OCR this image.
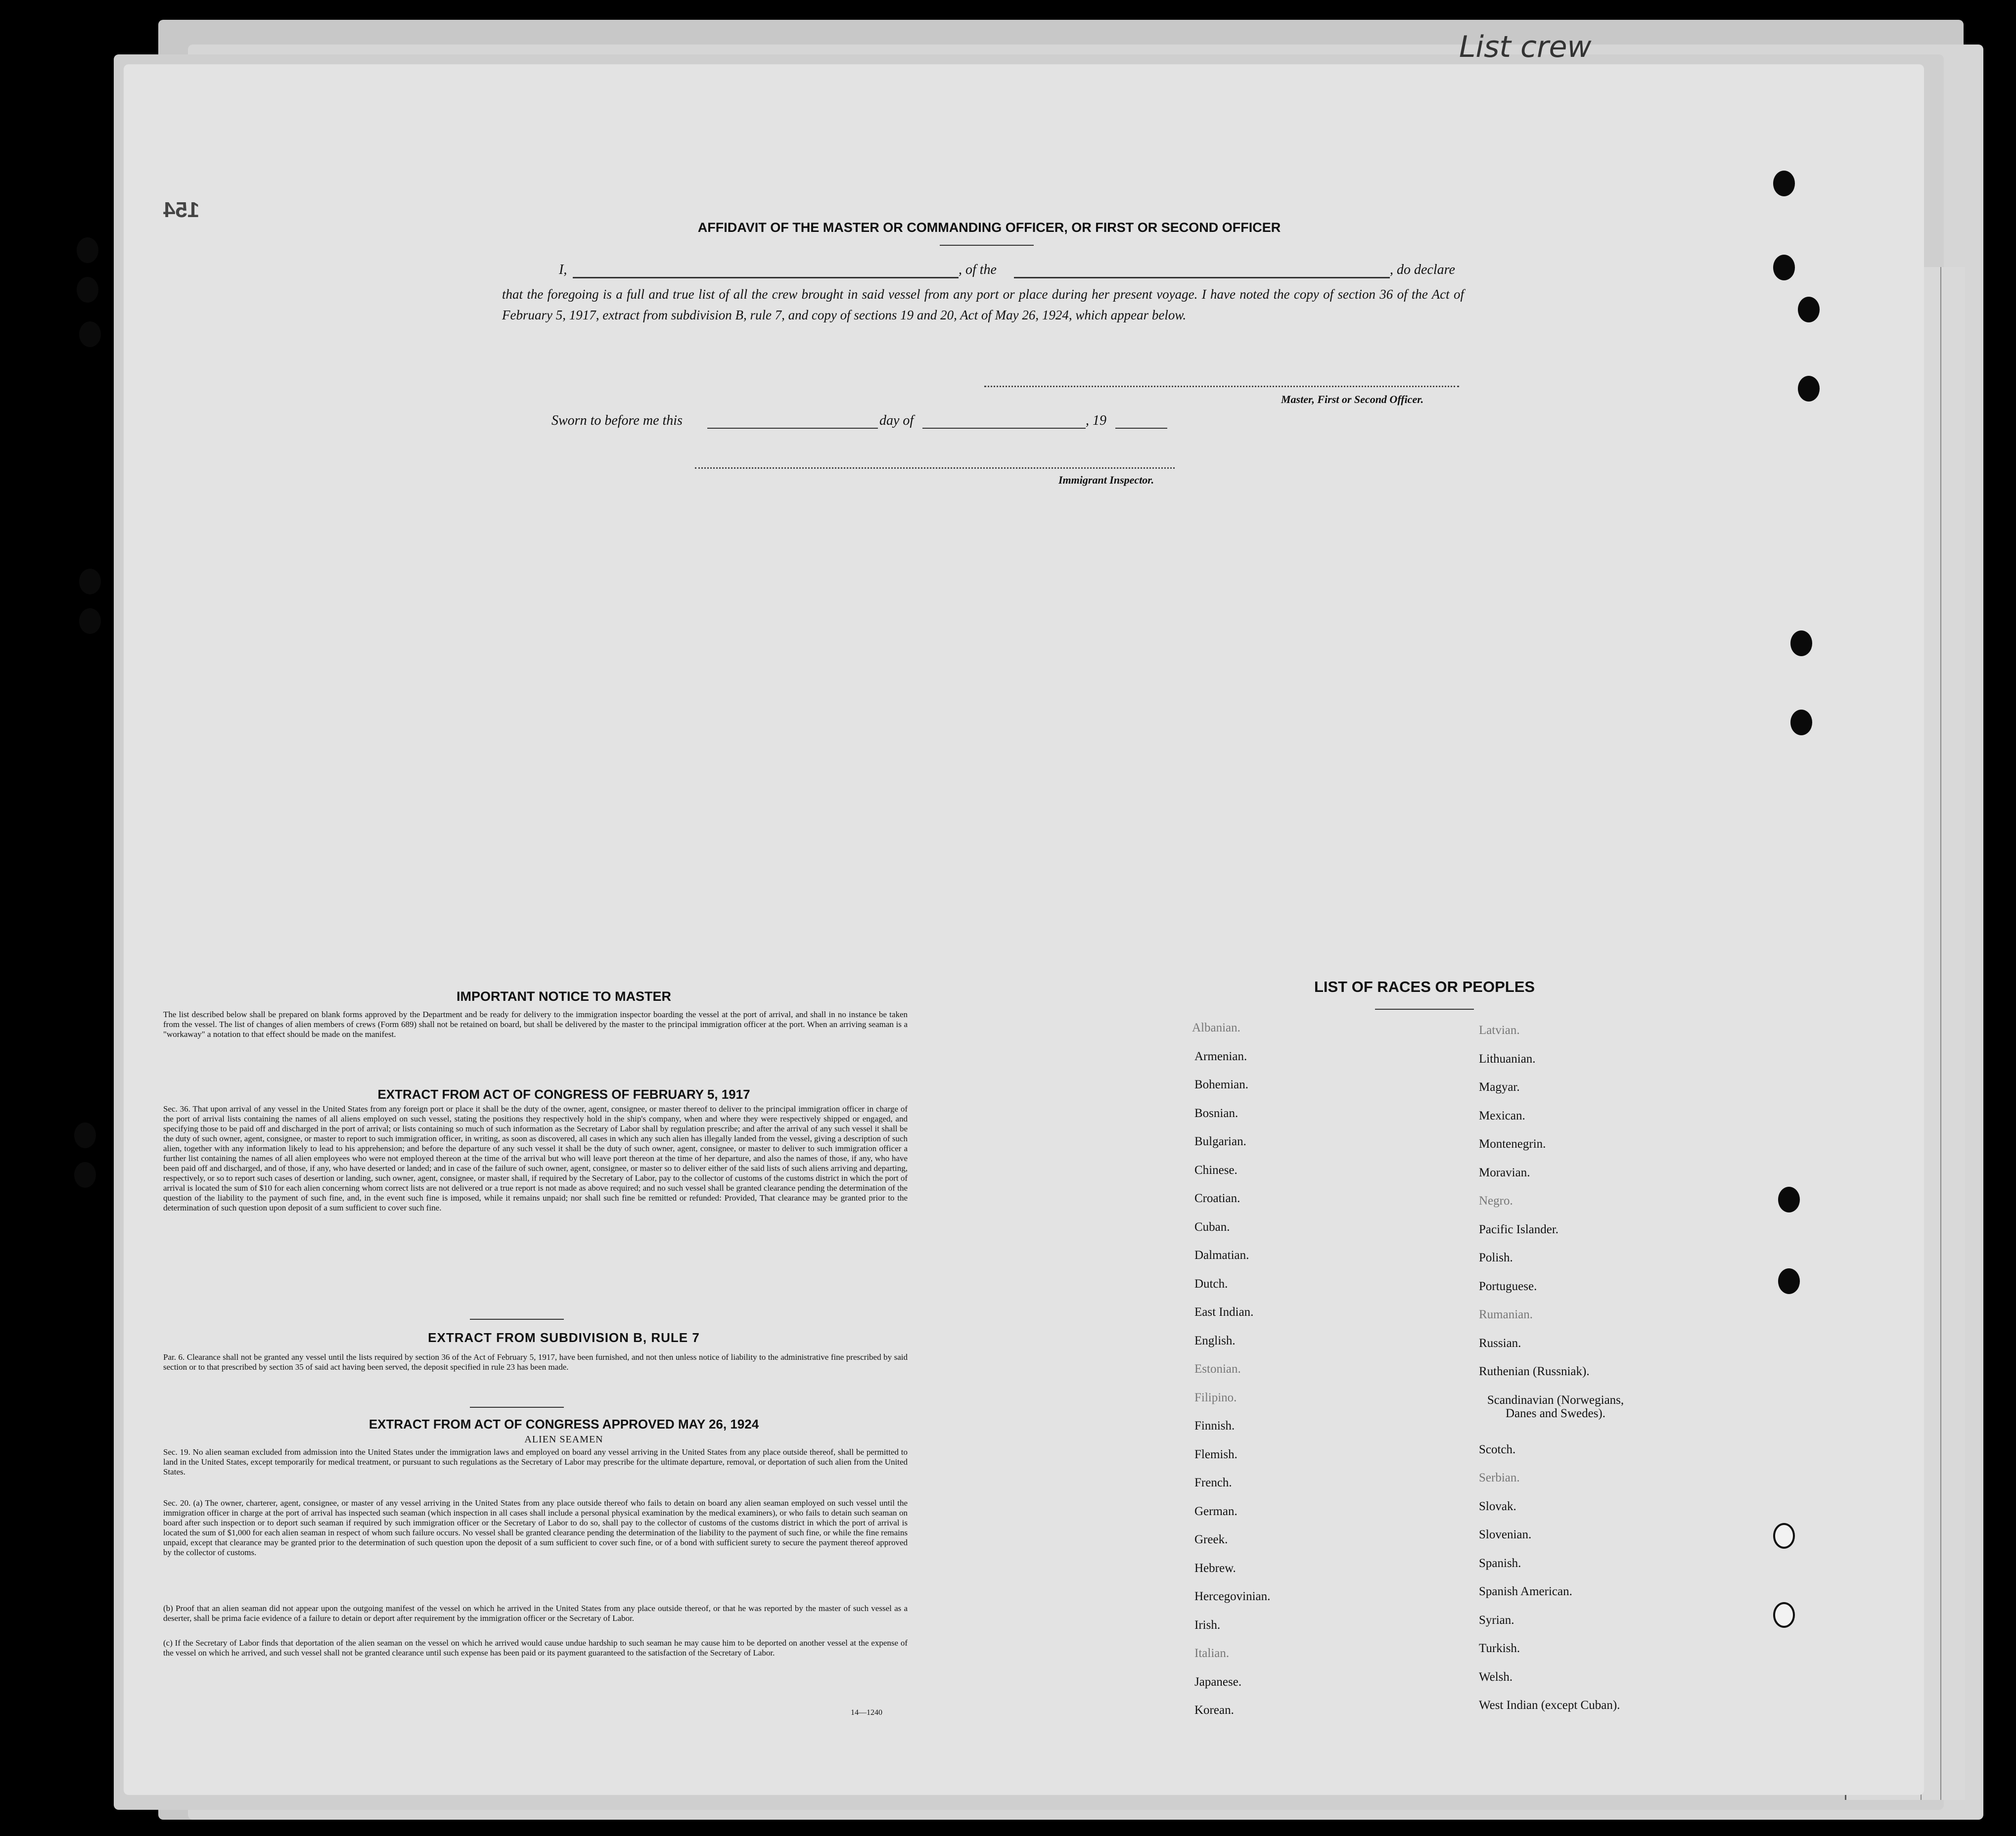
List crew
154
AFFIDAVIT OF THE MASTER OR COMMANDING OFFICER, OR FIRST OR SECOND OFFICER
I,	, of the	, do declare
that the foregoing is a full and true list of all the crew brought in said vessel from any port or place during her present voyage. I have noted the copy of section 36 of the Act of February 5, 1917, extract from subdivision B, rule 7, and copy of sections 19 and 20, Act of May 26, 1924, which appear below.
Master, First or Second Officer.
Sworn to before me this	day of	, 19
Immigrant Inspector.
IMPORTANT NOTICE TO MASTER
The list described below shall be prepared on blank forms approved by the Department and be ready for delivery to the immigration inspector boarding the vessel at the port of arrival, and shall in no instance be taken from the vessel. The list of changes of alien members of crews (Form 689) shall not be retained on board, but shall be delivered by the master to the principal immigration officer at the port. When an arriving seaman is a "workaway" a notation to that effect should be made on the manifest.
EXTRACT FROM ACT OF CONGRESS OF FEBRUARY 5, 1917
Sec. 36. That upon arrival of any vessel in the United States from any foreign port or place it shall be the duty of the owner, agent, consignee, or master thereof to deliver to the principal immigration officer in charge of the port of arrival lists containing the names of all aliens employed on such vessel, stating the positions they respectively hold in the ship's company, when and where they were respectively shipped or engaged, and specifying those to be paid off and discharged in the port of arrival; or lists containing so much of such information as the Secretary of Labor shall by regulation prescribe; and after the arrival of any such vessel it shall be the duty of such owner, agent, consignee, or master to report to such immigration officer, in writing, as soon as discovered, all cases in which any such alien has illegally landed from the vessel, giving a description of such alien, together with any information likely to lead to his apprehension; and before the departure of any such vessel it shall be the duty of such owner, agent, consignee, or master to deliver to such immigration officer a further list containing the names of all alien employees who were not employed thereon at the time of the arrival but who will leave port thereon at the time of her departure, and also the names of those, if any, who have been paid off and discharged, and of those, if any, who have deserted or landed; and in case of the failure of such owner, agent, consignee, or master so to deliver either of the said lists of such aliens arriving and departing, respectively, or so to report such cases of desertion or landing, such owner, agent, consignee, or master shall, if required by the Secretary of Labor, pay to the collector of customs of the customs district in which the port of arrival is located the sum of $10 for each alien concerning whom correct lists are not delivered or a true report is not made as above required; and no such vessel shall be granted clearance pending the determination of the question of the liability to the payment of such fine, and, in the event such fine is imposed, while it remains unpaid; nor shall such fine be remitted or refunded: Provided, That clearance may be granted prior to the determination of such question upon deposit of a sum sufficient to cover such fine.
EXTRACT FROM SUBDIVISION B, RULE 7
Par. 6. Clearance shall not be granted any vessel until the lists required by section 36 of the Act of February 5, 1917, have been furnished, and not then unless notice of liability to the administrative fine prescribed by said section or to that prescribed by section 35 of said act having been served, the deposit specified in rule 23 has been made.
EXTRACT FROM ACT OF CONGRESS APPROVED MAY 26, 1924
ALIEN SEAMEN
Sec. 19. No alien seaman excluded from admission into the United States under the immigration laws and employed on board any vessel arriving in the United States from any place outside thereof, shall be permitted to land in the United States, except temporarily for medical treatment, or pursuant to such regulations as the Secretary of Labor may prescribe for the ultimate departure, removal, or deportation of such alien from the United States.
Sec. 20. (a) The owner, charterer, agent, consignee, or master of any vessel arriving in the United States from any place outside thereof who fails to detain on board any alien seaman employed on such vessel until the immigration officer in charge at the port of arrival has inspected such seaman (which inspection in all cases shall include a personal physical examination by the medical examiners), or who fails to detain such seaman on board after such inspection or to deport such seaman if required by such immigration officer or the Secretary of Labor to do so, shall pay to the collector of customs of the customs district in which the port of arrival is located the sum of $1,000 for each alien seaman in respect of whom such failure occurs. No vessel shall be granted clearance pending the determination of the liability to the payment of such fine, or while the fine remains unpaid, except that clearance may be granted prior to the determination of such question upon the deposit of a sum sufficient to cover such fine, or of a bond with sufficient surety to secure the payment thereof approved by the collector of customs.
(b) Proof that an alien seaman did not appear upon the outgoing manifest of the vessel on which he arrived in the United States from any place outside thereof, or that he was reported by the master of such vessel as a deserter, shall be prima facie evidence of a failure to detain or deport after requirement by the immigration officer or the Secretary of Labor.
(c) If the Secretary of Labor finds that deportation of the alien seaman on the vessel on which he arrived would cause undue hardship to such seaman he may cause him to be deported on another vessel at the expense of the vessel on which he arrived, and such vessel shall not be granted clearance until such expense has been paid or its payment guaranteed to the satisfaction of the Secretary of Labor.
14—1240
LIST OF RACES OR PEOPLES
Albanian.
Armenian.
Bohemian.
Bosnian.
Bulgarian.
Chinese.
Croatian.
Cuban.
Dalmatian.
Dutch.
East Indian.
English.
Estonian.
Filipino.
Finnish.
Flemish.
French.
German.
Greek.
Hebrew.
Hercegovinian.
Irish.
Italian.
Japanese.
Korean.
Latvian.
Lithuanian.
Magyar.
Mexican.
Montenegrin.
Moravian.
Negro.
Pacific Islander.
Polish.
Portuguese.
Rumanian.
Russian.
Ruthenian (Russniak).
Scandinavian (Norwegians, Danes and Swedes).
Scotch.
Serbian.
Slovak.
Slovenian.
Spanish.
Spanish American.
Syrian.
Turkish.
Welsh.
West Indian (except Cuban).
